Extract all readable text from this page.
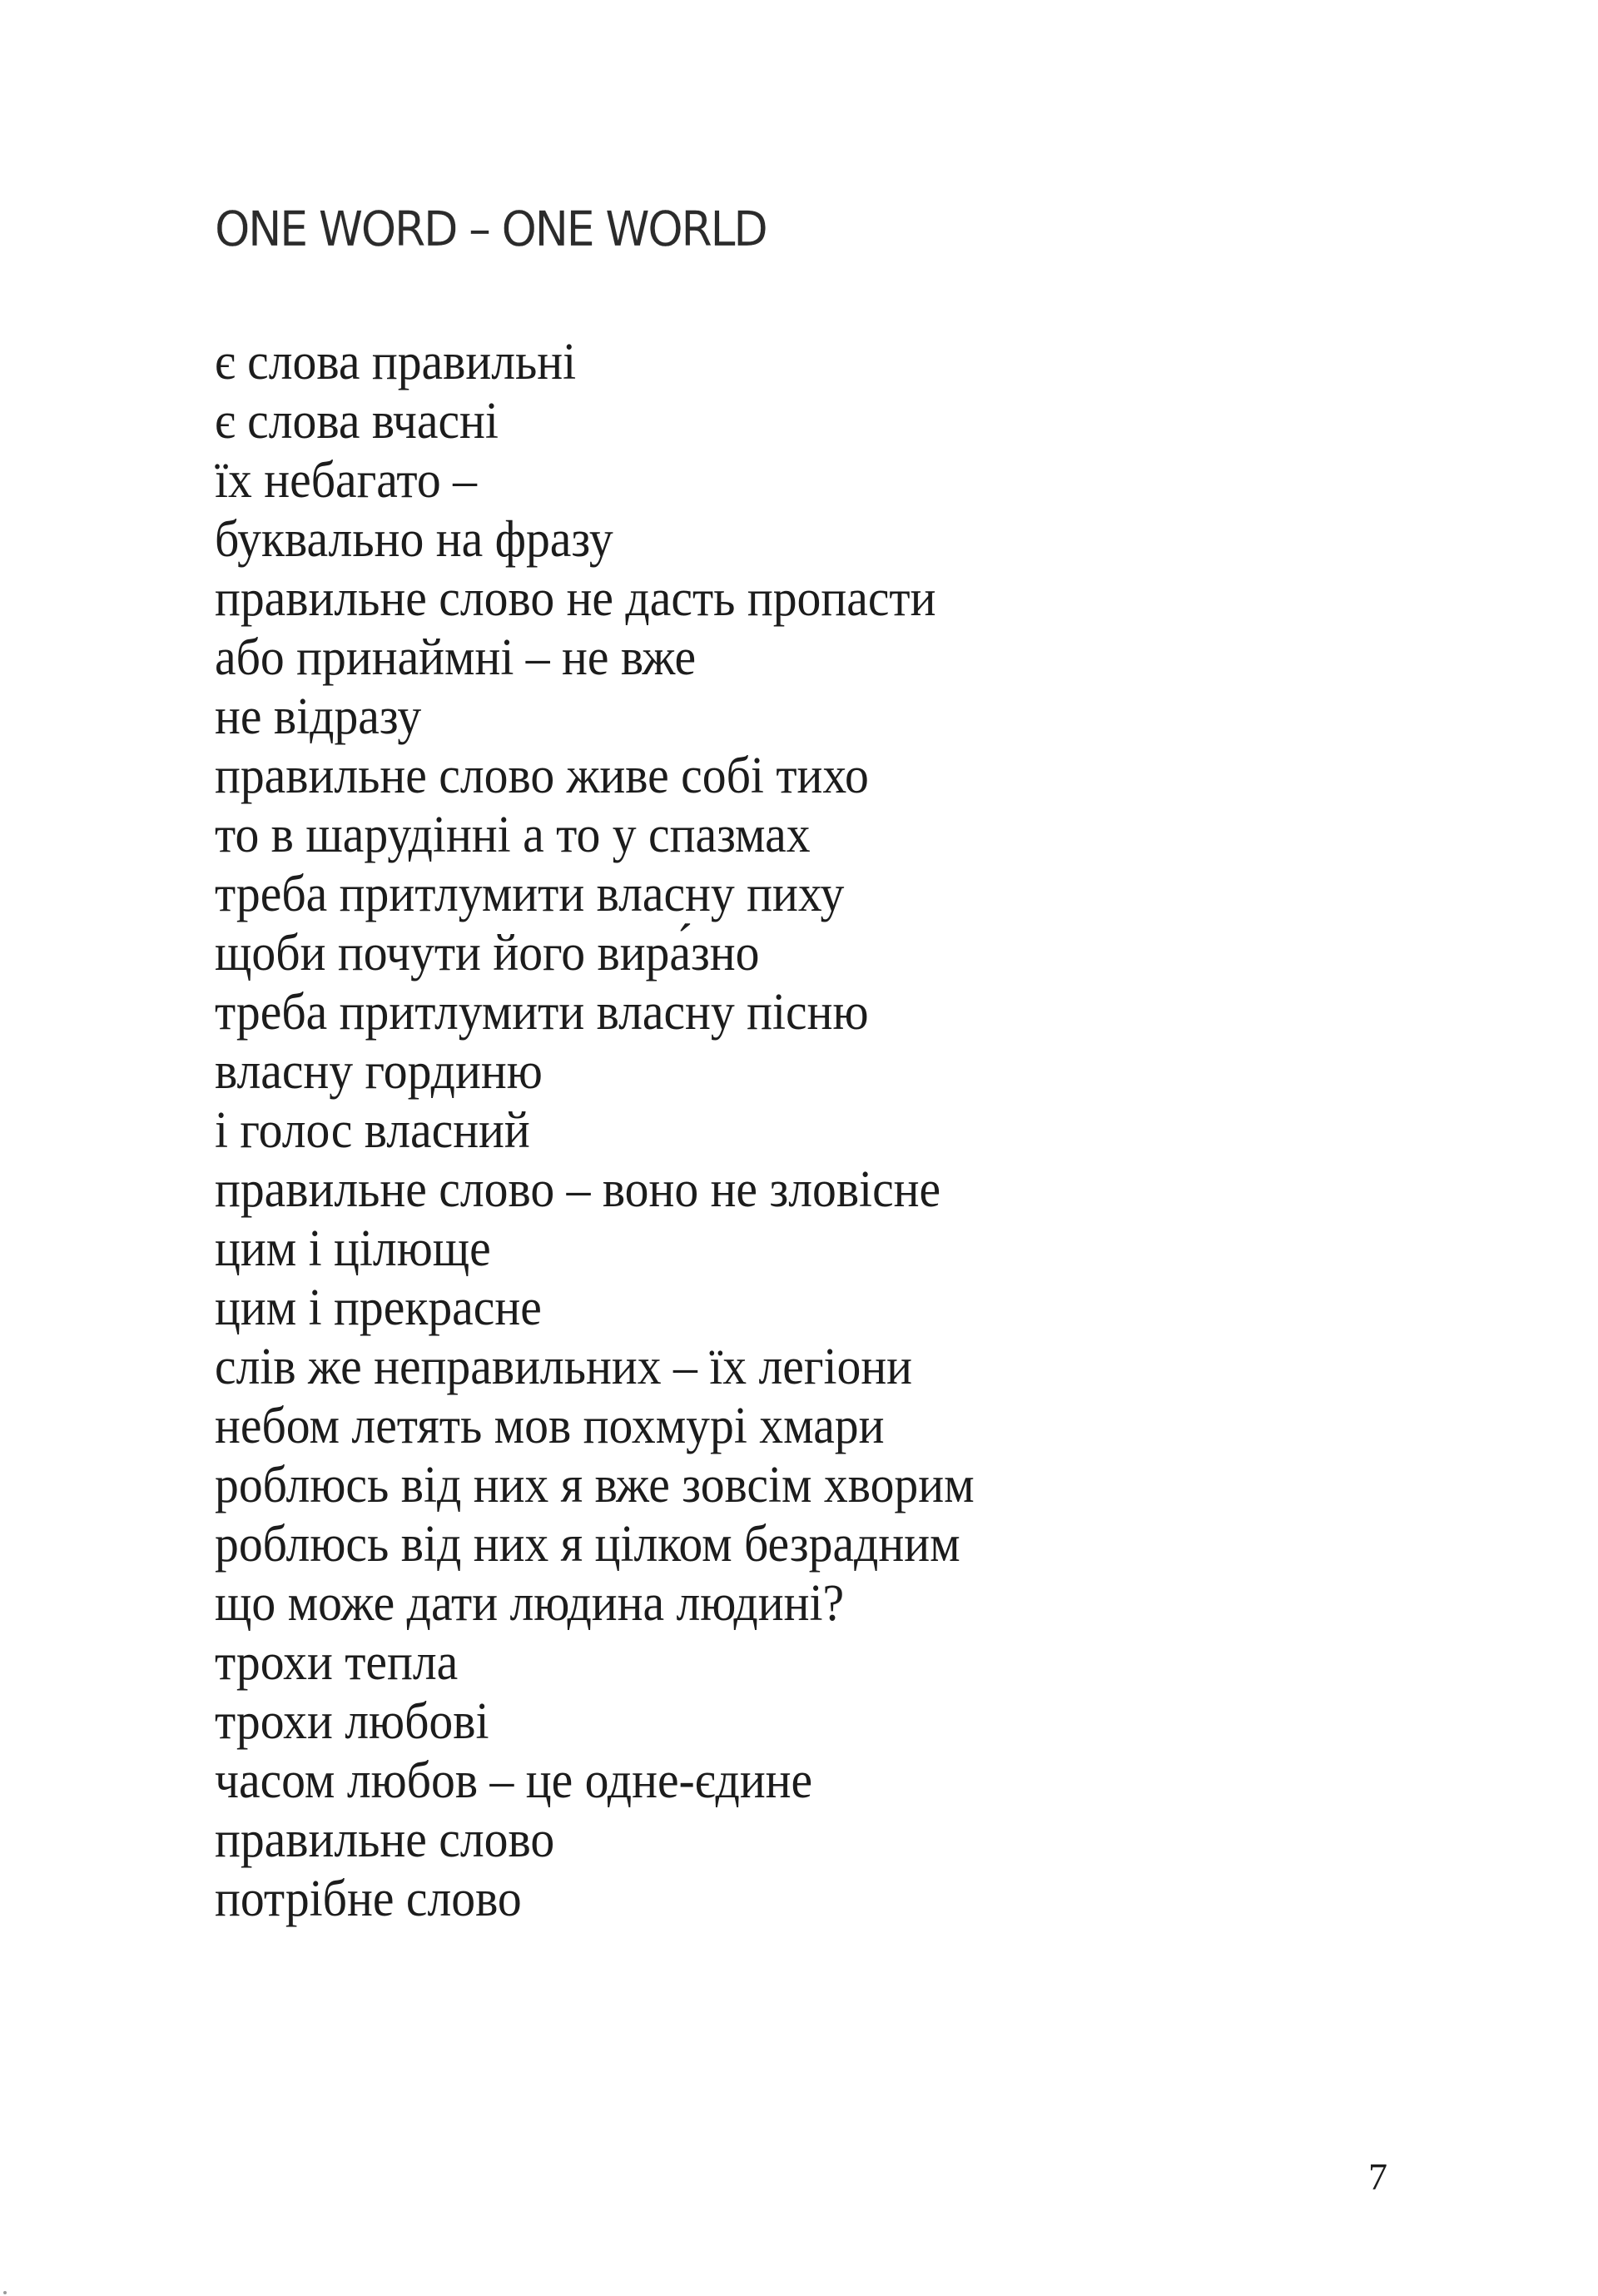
ONE WORD – ONE WORLD
є слова правильні
є слова вчасні
їх небагато –
буквально на фразу
правильне слово не дасть пропасти
або принаймні – не вже
не відразу
правильне слово живе собі тихо
то в шарудінні а то у спазмах
треба притлумити власну пиху
щоби почути його вира́зно
треба притлумити власну пісню
власну гординю
і голос власний
правильне слово – воно не зловісне
цим і цілюще
цим і прекрасне
слів же неправильних – їх легіони
небом летять мов похмурі хмари
роблюсь від них я вже зовсім хворим
роблюсь від них я цілком безрадним
що може дати людина людині?
трохи тепла
трохи любові
часом любов – це одне-єдине
правильне слово
потрібне слово
7
